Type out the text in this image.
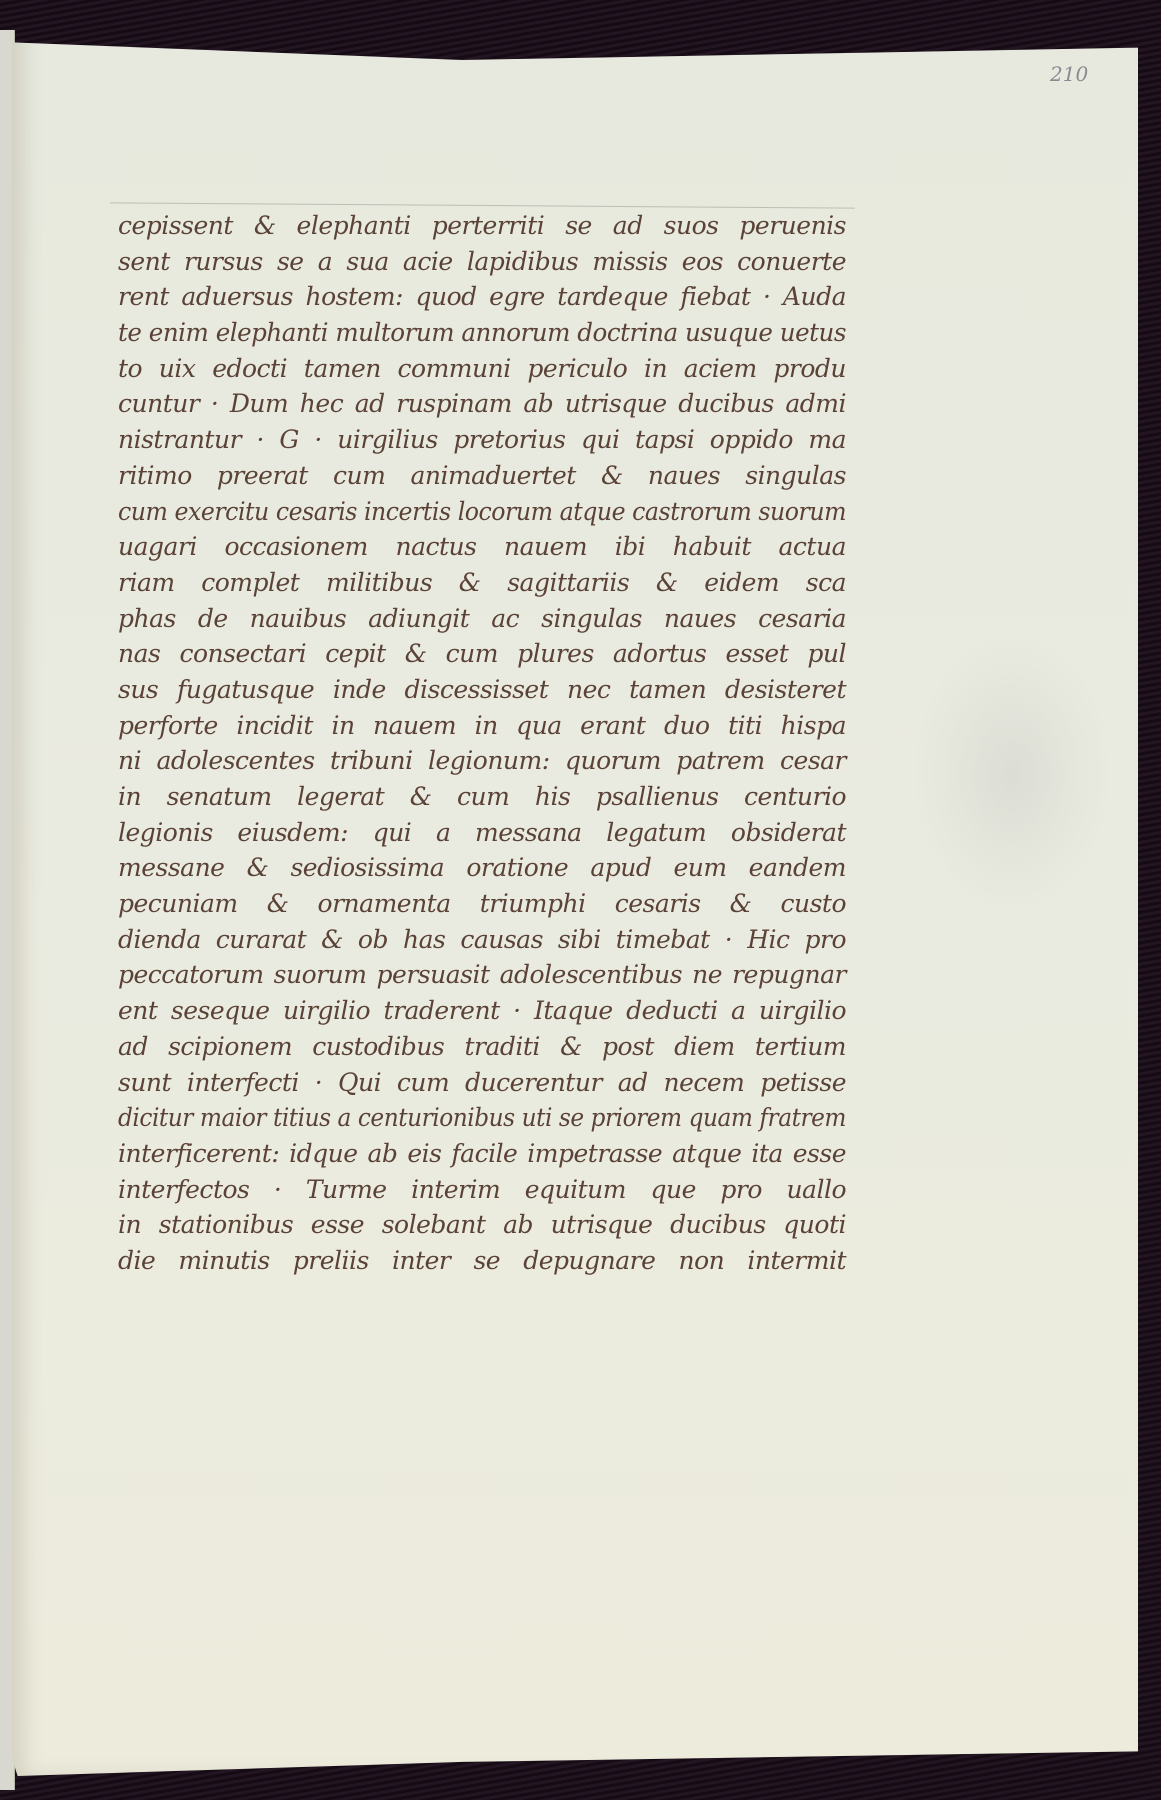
210
cepissent & elephanti perterriti se ad suos peruenis
sent rursus se a sua acie lapidibus missis eos conuerte
rent aduersus hostem: quod egre tardeque fiebat · Auda
te enim elephanti multorum annorum doctrina usuque uetus
to uix edocti tamen communi periculo in aciem produ
cuntur · Dum hec ad ruspinam ab utrisque ducibus admi
nistrantur · G · uirgilius pretorius qui tapsi oppido ma
ritimo preerat cum animaduertet & naues singulas
cum exercitu cesaris incertis locorum atque castrorum suorum
uagari occasionem nactus nauem ibi habuit actua
riam complet militibus & sagittariis & eidem sca
phas de nauibus adiungit ac singulas naues cesaria
nas consectari cepit & cum plures adortus esset pul
sus fugatusque inde discessisset nec tamen desisteret
perforte incidit in nauem in qua erant duo titi hispa
ni adolescentes tribuni legionum: quorum patrem cesar
in senatum legerat & cum his psallienus centurio
legionis eiusdem: qui a messana legatum obsiderat
messane & sediosissima oratione apud eum eandem
pecuniam & ornamenta triumphi cesaris & custo
dienda curarat & ob has causas sibi timebat · Hic pro
peccatorum suorum persuasit adolescentibus ne repugnar
ent seseque uirgilio traderent · Itaque deducti a uirgilio
ad scipionem custodibus traditi & post diem tertium
sunt interfecti · Qui cum ducerentur ad necem petisse
dicitur maior titius a centurionibus uti se priorem quam fratrem
interficerent: idque ab eis facile impetrasse atque ita esse
interfectos · Turme interim equitum que pro uallo
in stationibus esse solebant ab utrisque ducibus quoti
die minutis preliis inter se depugnare non intermit
